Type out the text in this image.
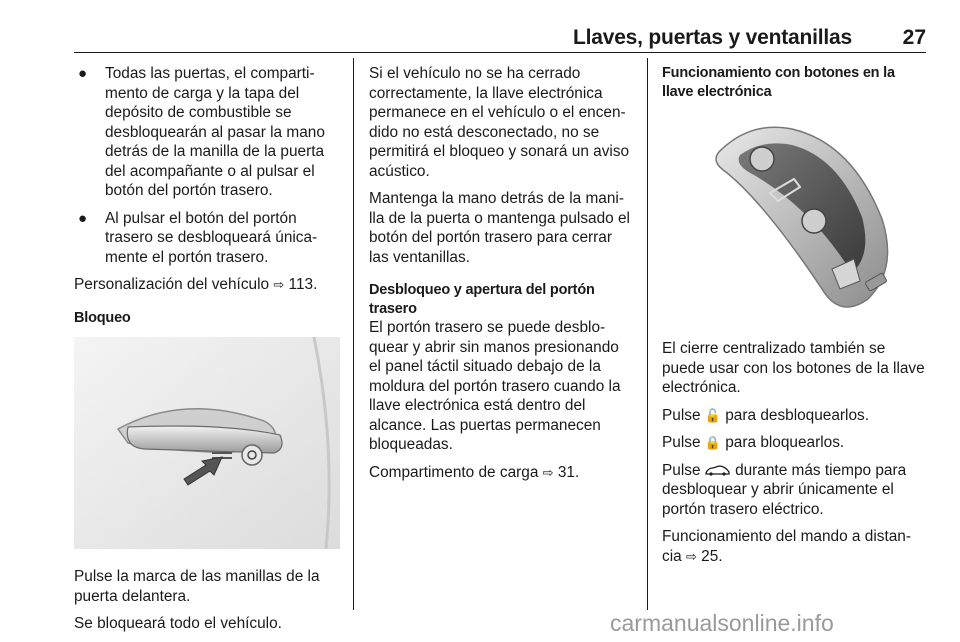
Llaves, puertas y ventanillas 27
● Todas las puertas, el comparti-mento de carga y la tapa del depósito de combustible se desbloquearán al pasar la mano detrás de la manilla de la puerta del acompañante o al pulsar el botón del portón trasero.
● Al pulsar el botón del portón trasero se desbloqueará única-mente el portón trasero.

Personalización del vehículo ⇨ 113.

Bloqueo

Pulse la marca de las manillas de la puerta delantera.

Se bloqueará todo el vehículo.

Si el vehículo no se ha cerrado correctamente, la llave electrónica permanece en el vehículo o el encen-dido no está desconectado, no se permitirá el bloqueo y sonará un aviso acústico.

Mantenga la mano detrás de la mani-lla de la puerta o mantenga pulsado el botón del portón trasero para cerrar las ventanillas.

Desbloqueo y apertura del portón trasero

El portón trasero se puede desblo-quear y abrir sin manos presionando el panel táctil situado debajo de la moldura del portón trasero cuando la llave electrónica está dentro del alcance. Las puertas permanecen bloqueadas.

Compartimento de carga ⇨ 31.

Funcionamiento con botones en la llave electrónica

El cierre centralizado también se puede usar con los botones de la llave electrónica.

Pulse 🔓 para desbloquearlos.

Pulse 🔒 para bloquearlos.

Pulse durante más tiempo para desbloquear y abrir únicamente el portón trasero eléctrico.

Funcionamiento del mando a distan-cia ⇨ 25.

carmanualsonline.info
